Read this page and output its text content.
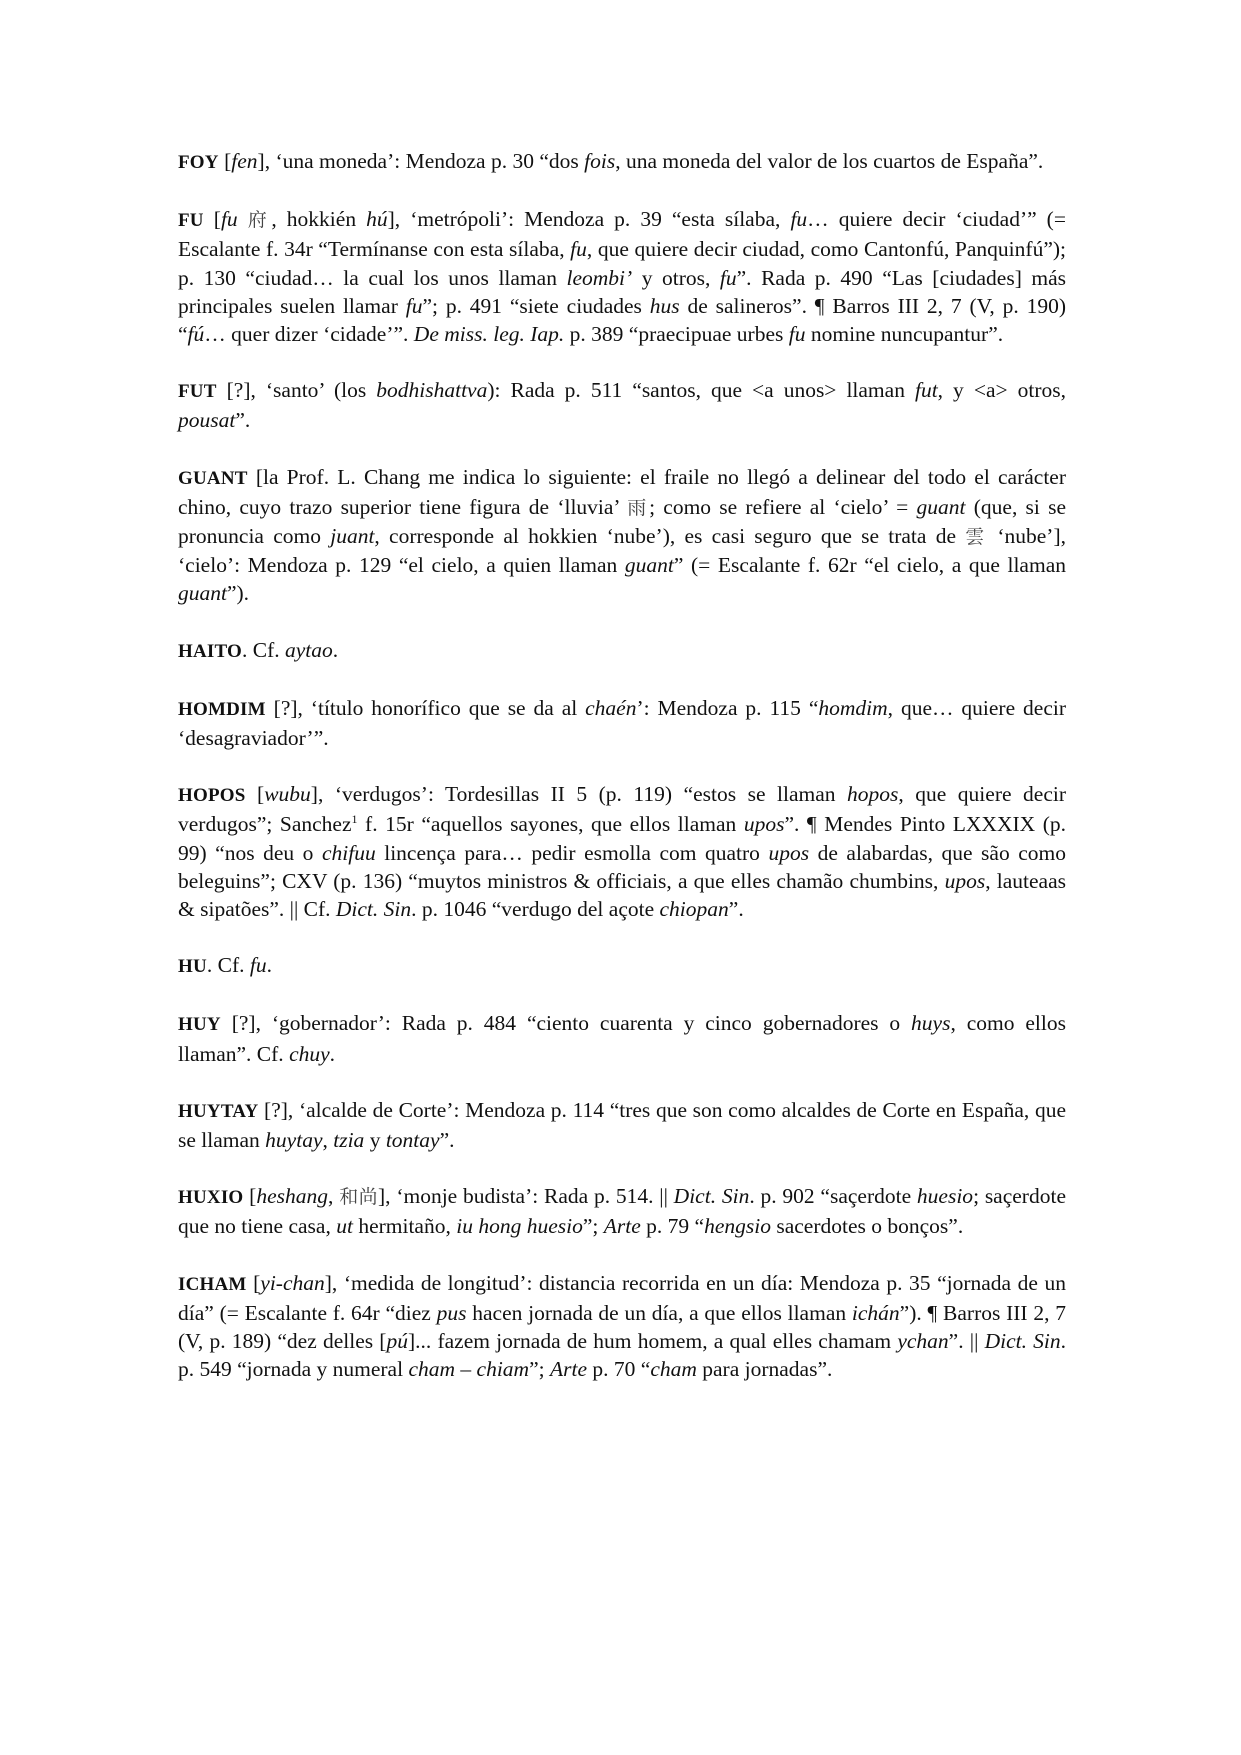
FOY [fen], ‘una moneda’: Mendoza p. 30 “dos fois, una moneda del valor de los cuartos de España”.

FU [fu 府, hokkién hú], ‘metrópoli’: Mendoza p. 39 “esta sílaba, fu… quiere decir ‘ciudad’” (= Escalante f. 34r “Termínanse con esta sílaba, fu, que quiere decir ciudad, como Cantonfú, Panquinfú”); p. 130 “ciudad… la cual los unos llaman leombi’ y otros, fu”. Rada p. 490 “Las [ciudades] más principales suelen llamar fu”; p. 491 “siete ciudades hus de salineros”. ¶ Barros III 2, 7 (V, p. 190) “fú… quer dizer ‘cidade’”. De miss. leg. Iap. p. 389 “praecipuae urbes fu nomine nuncupantur”.

FUT [?], ‘santo’ (los bodhishattva): Rada p. 511 “santos, que <a unos> llaman fut, y <a> otros, pousat”.

GUANT [la Prof. L. Chang me indica lo siguiente: el fraile no llegó a delinear del todo el carácter chino, cuyo trazo superior tiene figura de ‘lluvia’ 雨; como se refiere al ‘cielo’ = guant (que, si se pronuncia como juant, corresponde al hokkien ‘nube’), es casi seguro que se trata de 雲 ‘nube’], ‘cielo’: Mendoza p. 129 “el cielo, a quien llaman guant” (= Escalante f. 62r “el cielo, a que llaman guant”).

HAITO. Cf. aytao.

HOMDIM [?], ‘título honorífico que se da al chaén’: Mendoza p. 115 “homdim, que… quiere decir ‘desagraviador’”.

HOPOS [wubu], ‘verdugos’: Tordesillas II 5 (p. 119) “estos se llaman hopos, que quiere decir verdugos”; Sanchez$^1$ f. 15r “aquellos sayones, que ellos llaman upos”. ¶ Mendes Pinto LXXXIX (p. 99) “nos deu o chifuu lincença para… pedir esmolla com quatro upos de alabardas, que são como beleguins”; CXV (p. 136) “muytos ministros & officiais, a que elles chamão chumbins, upos, lauteaas & sipatões”. || Cf. Dict. Sin. p. 1046 “verdugo del açote chiopan”.

HU. Cf. fu.

HUY [?], ‘gobernador’: Rada p. 484 “ciento cuarenta y cinco gobernadores o huys, como ellos llaman”. Cf. chuy.

HUYTAY [?], ‘alcalde de Corte’: Mendoza p. 114 “tres que son como alcaldes de Corte en España, que se llaman huytay, tzia y tontay”.

HUXIO [heshang, 和尚], ‘monje budista’: Rada p. 514. || Dict. Sin. p. 902 “saçerdote huesio; saçerdote que no tiene casa, ut hermitaño, iu hong huesio”; Arte p. 79 “hengsio sacerdotes o bonços”.

ICHAM [yi-chan], ‘medida de longitud’: distancia recorrida en un día: Mendoza p. 35 “jornada de un día” (= Escalante f. 64r “diez pus hacen jornada de un día, a que ellos llaman ichán”). ¶ Barros III 2, 7 (V, p. 189) “dez delles [pú]... fazem jornada de hum homem, a qual elles chamam ychan”. || Dict. Sin. p. 549 “jornada y numeral cham – chiam”; Arte p. 70 “cham para jornadas”.
